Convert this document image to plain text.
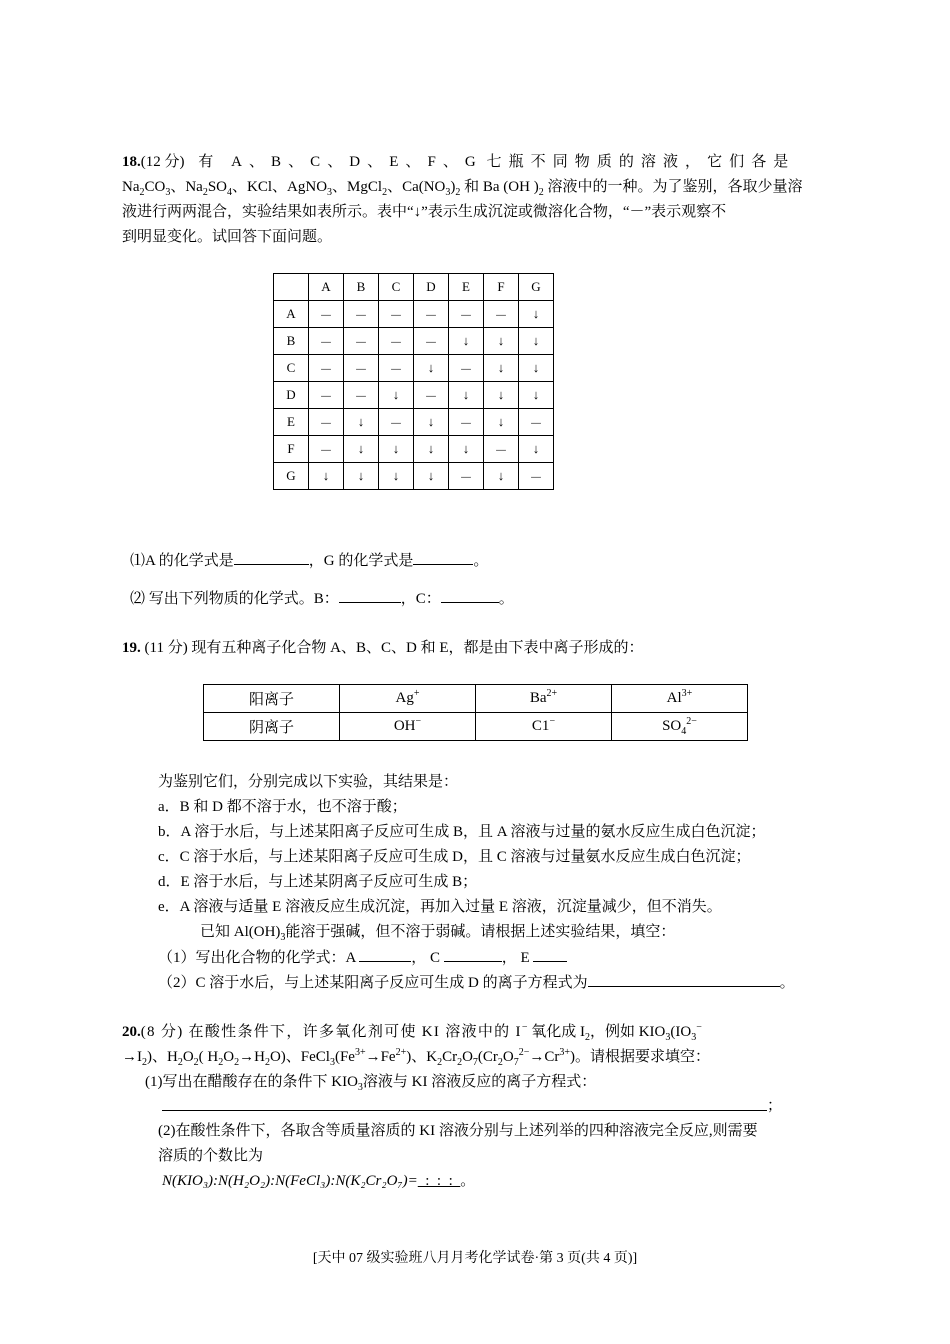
18.(12 分) 有 A、B、C、D、E、F、G 七瓶不同物质的溶液，它们各是
$Na_2CO_3$、$Na_2SO_4$、KCl、AgNO$_3$、MgCl$_2$、$Ca(NO_3)_2$ 和 Ba (OH )$_2$ 溶液中的一种。为了鉴别，各取少量溶
液进行两两混合，实验结果如表所示。表中“↓”表示生成沉淀或微溶化合物，“－”表示观察不
到明显变化。试回答下面问题。
	A	B	C	D	E	F	G
A	－	－	－	－	－	－	↓
B	－	－	－	－	↓	↓	↓
C	－	－	－	↓	－	↓	↓
D	－	－	↓	－	↓	↓	↓
E	－	↓	－	↓	－	↓	－
F	－	↓	↓	↓	↓	－	↓
G	↓	↓	↓	↓	－	↓	－
⑴A 的化学式是	，G 的化学式是	。
⑵ 写出下列物质的化学式。B：	，C：	。
19. (11 分) 现有五种离子化合物 A、B、C、D 和 E，都是由下表中离子形成的：
阳离子	Ag+	$Ba^{2+}$	$Al^{3+}$
阴离子	OH−	C1−	$SO_4^{2-}$
为鉴别它们，分别完成以下实验，其结果是：
a．B 和 D 都不溶于水，也不溶于酸；
b．A 溶于水后，与上述某阳离子反应可生成 B，且 A 溶液与过量的氨水反应生成白色沉淀；
c．C 溶于水后，与上述某阳离子反应可生成 D，且 C 溶液与过量氨水反应生成白色沉淀；
d．E 溶于水后，与上述某阴离子反应可生成 B；
e．A 溶液与适量 E 溶液反应生成沉淀，再加入过量 E 溶液，沉淀量减少，但不消失。
已知 $Al(OH)_3$能溶于强碱，但不溶于弱碱。请根据上述实验结果，填空：
（1）写出化合物的化学式：A	， C	， E
（2）C 溶于水后，与上述某阳离子反应可生成 D 的离子方程式为	。
20.(8 分) 在酸性条件下，许多氧化剂可使 KI 溶液中的 I− 氧化成 $I_2$，例如 $KIO_3(IO_3^-$
$\to I_2$)、$H_2O_2$( $H_2O_2\to H_2O$)、$FeCl_3(Fe^{3+}\to Fe^{2+})$、$K_2Cr_2O_7(Cr_2O_7^{2-}\to Cr^{3+})$。请根据要求填空：
(1)写出在醋酸存在的条件下 $KIO_3$溶液与 KI 溶液反应的离子方程式：
；
(2)在酸性条件下，各取含等质量溶质的 KI 溶液分别与上述列举的四种溶液完全反应,则需要
溶质的个数比为
N(KIO₃):N(H₂O₂):N(FeCl₃):N(K₂Cr₂O₇)=  :  :  :  。
[天中 07 级实验班八月月考化学试卷·第 3 页(共 4 页)]
